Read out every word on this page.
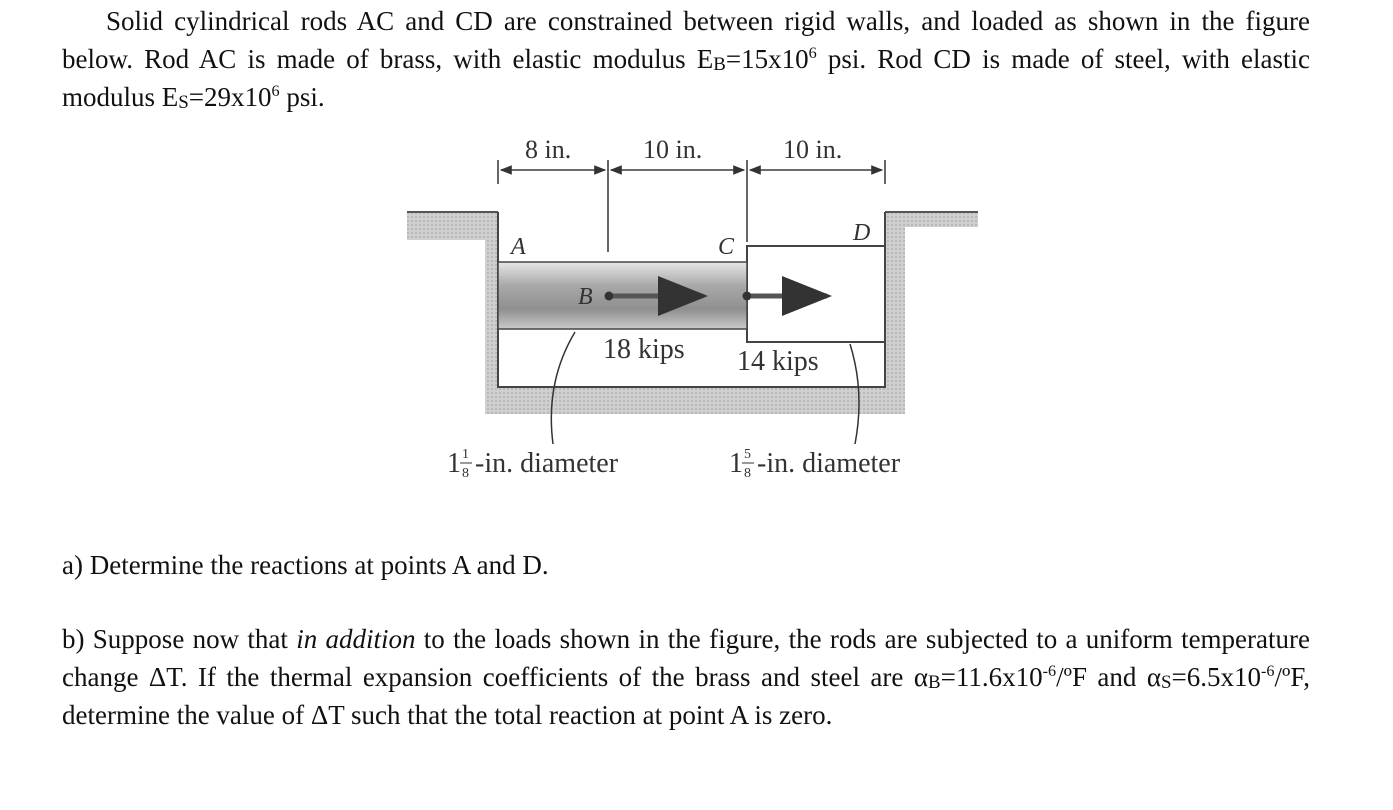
Solid cylindrical rods AC and CD are constrained between rigid walls, and loaded as shown in the figure below. Rod AC is made of brass, with elastic modulus $E_B=15x10^6$ psi. Rod CD is made of steel, with elastic modulus $E_S=29x10^6$ psi.
8 in.	10 in.	10 in.
A	C
D
B
18 kips 14 kips
1 1
8 -in. diameter	1 5
8 -in. diameter
a) Determine the reactions at points A and D.
b) Suppose now that in addition to the loads shown in the figure, the rods are subjected to a uniform temperature change ΔT. If the thermal expansion coefficients of the brass and steel are $\alpha_B=11.6x10^{-6}/ºF$ and $\alpha_S=6.5x10^{-6}/ºF$, determine the value of ΔT such that the total reaction at point A is zero.
